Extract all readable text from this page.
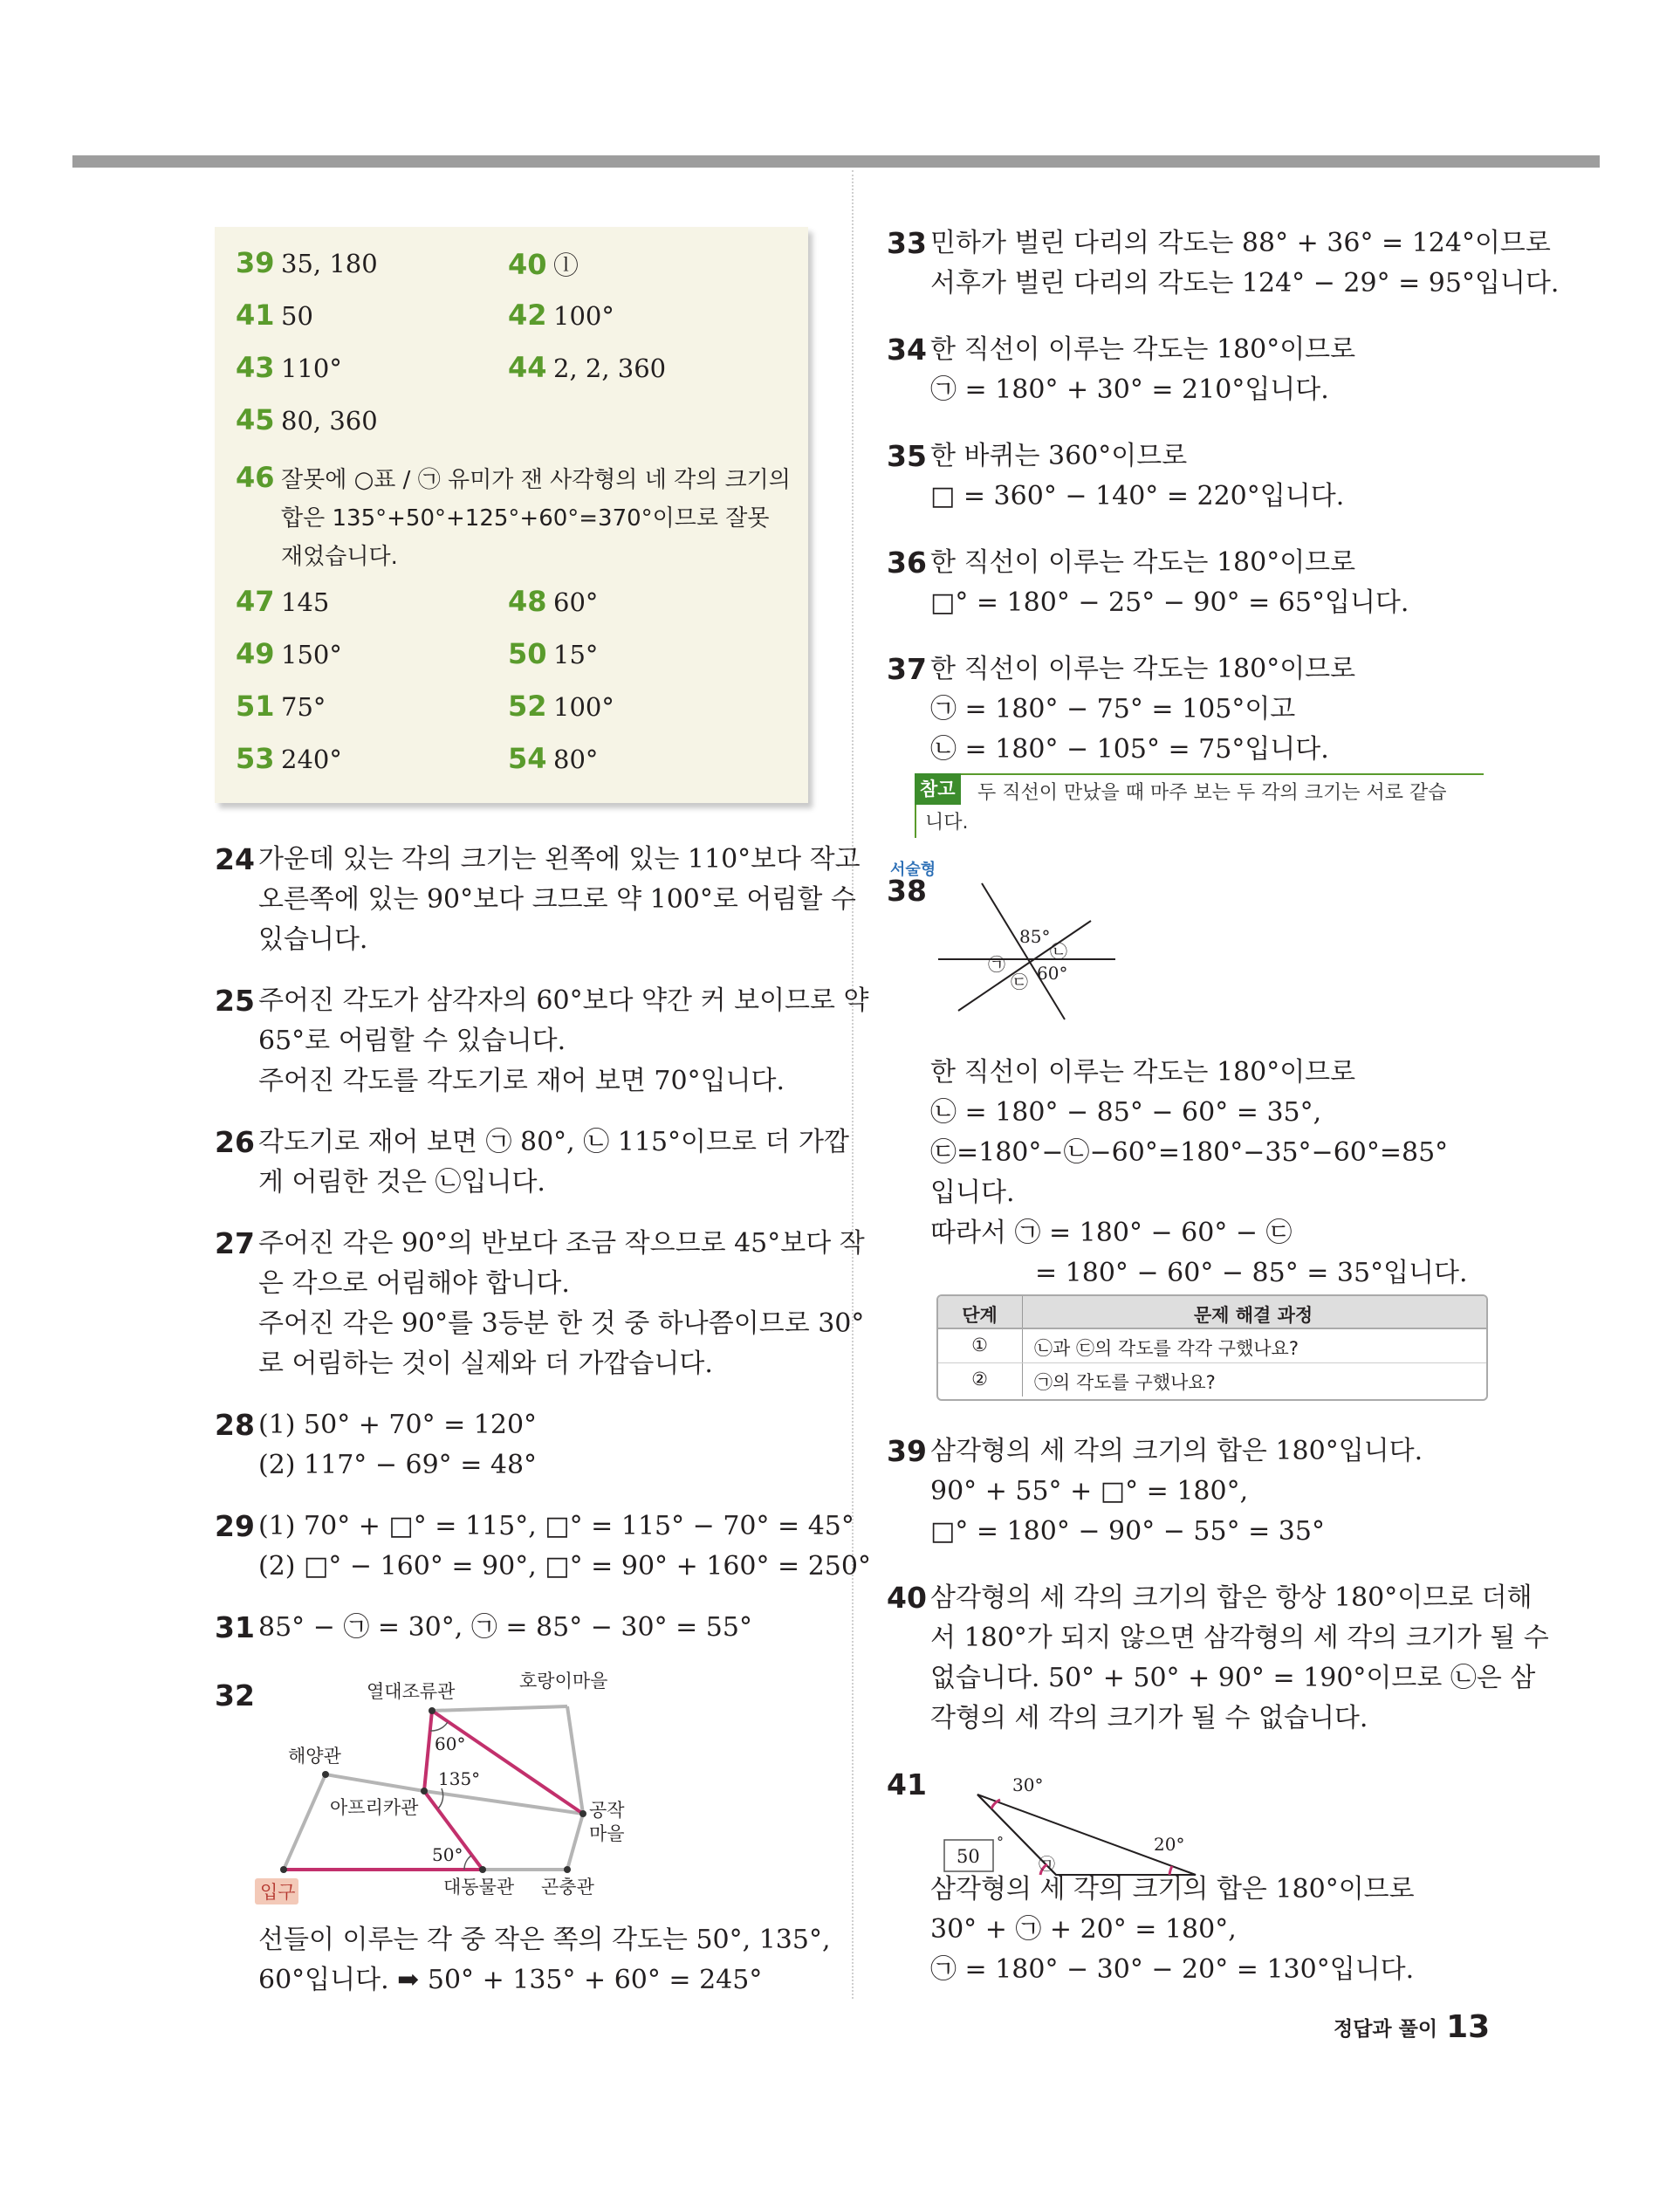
39 35, 180	40 ⓛ
41 50	42 100°
43 110°	44 2, 2, 360
45 80, 360
46 잘못에 ○표 / ㉠ 유미가 잰 사각형의 네 각의 크기의
합은 135°+50°+125°+60°=370°이므로 잘못
재었습니다.
47 145	48 60°
49 150°	50 15°
51 75°	52 100°
53 240°	54 80°
24 가운데 있는 각의 크기는 왼쪽에 있는 110°보다 작고
오른쪽에 있는 90°보다 크므로 약 100°로 어림할 수
있습니다.
25 주어진 각도가 삼각자의 60°보다 약간 커 보이므로 약
65°로 어림할 수 있습니다.
주어진 각도를 각도기로 재어 보면 70°입니다.
26 각도기로 재어 보면 ㉠ 80°, ㉡ 115°이므로 더 가깝
게 어림한 것은 ㉡입니다.
27 주어진 각은 90°의 반보다 조금 작으므로 45°보다 작
은 각으로 어림해야 합니다.
주어진 각은 90°를 3등분 한 것 중 하나쯤이므로 30°
로 어림하는 것이 실제와 더 가깝습니다.
28 (1) 50° + 70° = 120°
(2) 117° − 69° = 48°
29 (1) 70° + □° = 115°, □° = 115° − 70° = 45°
(2) □° − 160° = 90°, □° = 90° + 160° = 250°
31 85° − ㉠ = 30°, ㉠ = 85° − 30° = 55°
32
60°
135°
50°
열대조류관	호랑이마을
해양관
아프리카관	공작
마을
대동물관 곤충관
입구
선들이 이루는 각 중 작은 쪽의 각도는 50°, 135°,
60°입니다. ➡ 50° + 135° + 60° = 245°
33 민하가 벌린 다리의 각도는 88° + 36° = 124°이므로
서후가 벌린 다리의 각도는 124° − 29° = 95°입니다.
34 한 직선이 이루는 각도는 180°이므로
㉠ = 180° + 30° = 210°입니다.
35 한 바퀴는 360°이므로
□ = 360° − 140° = 220°입니다.
36 한 직선이 이루는 각도는 180°이므로
□° = 180° − 25° − 90° = 65°입니다.
37 한 직선이 이루는 각도는 180°이므로
㉠ = 180° − 75° = 105°이고
㉡ = 180° − 105° = 75°입니다.
참고 두 직선이 만났을 때 마주 보는 두 각의 크기는 서로 같습
니다.
서술형
38
85°
60°
㉠
㉡
㉢
한 직선이 이루는 각도는 180°이므로
㉡ = 180° − 85° − 60° = 35°,
㉢=180°−㉡−60°=180°−35°−60°=85°
입니다.
따라서 ㉠ = 180° − 60° − ㉢
= 180° − 60° − 85° = 35°입니다.
단계	문제 해결 과정
①	㉡과 ㉢의 각도를 각각 구했나요?
②	㉠의 각도를 구했나요?
39 삼각형의 세 각의 크기의 합은 180°입니다.
90° + 55° + □° = 180°,
□° = 180° − 90° − 55° = 35°
40 삼각형의 세 각의 크기의 합은 항상 180°이므로 더해
서 180°가 되지 않으면 삼각형의 세 각의 크기가 될 수
없습니다. 50° + 50° + 90° = 190°이므로 ㉡은 삼
각형의 세 각의 크기가 될 수 없습니다.
41	30°
20°
50
°
㉠
삼각형의 세 각의 크기의 합은 180°이므로
30° + ㉠ + 20° = 180°,
㉠ = 180° − 30° − 20° = 130°입니다.
정답과 풀이 13
